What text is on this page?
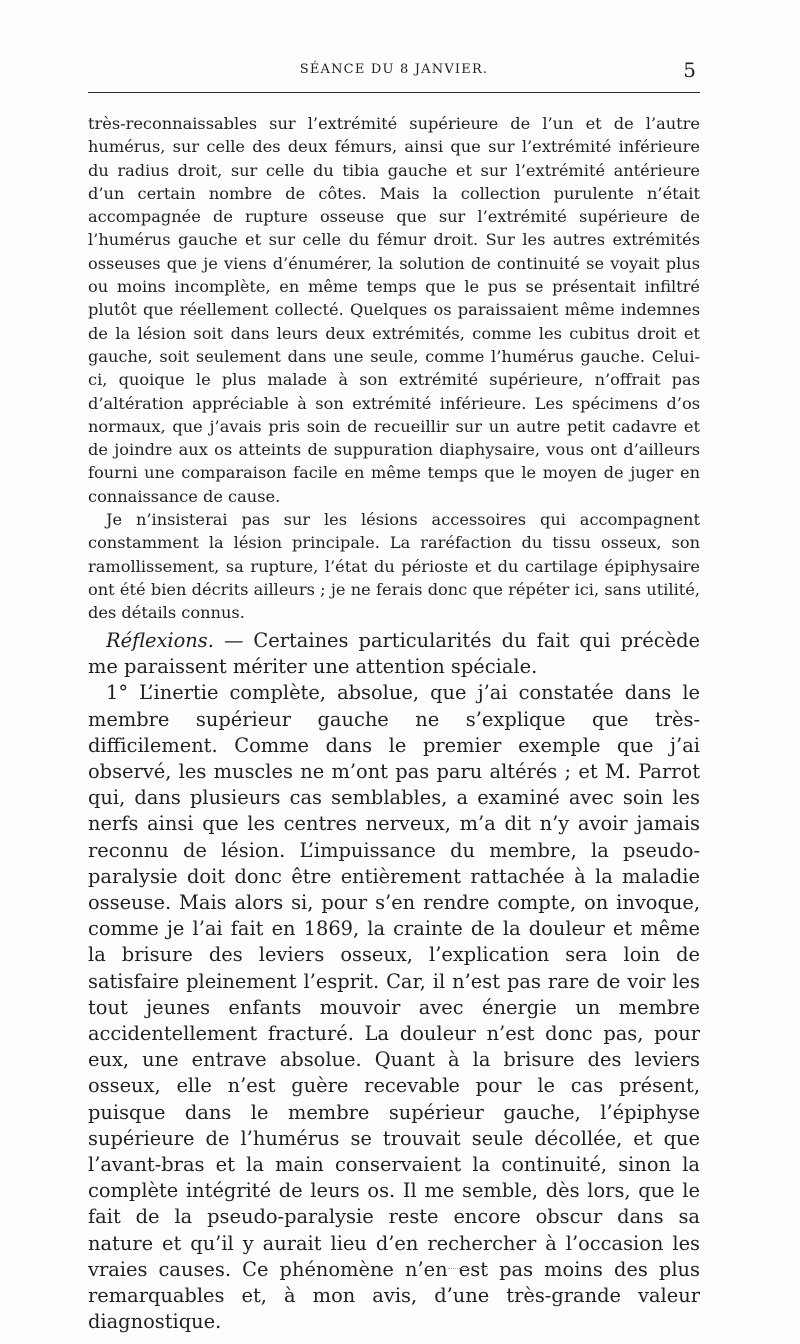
SÉANCE DU 8 JANVIER.	5

très-reconnaissables sur l’extrémité supérieure de l’un et de l’autre humérus, sur celle des deux fémurs, ainsi que sur l’extrémité inférieure du radius droit, sur celle du tibia gauche et sur l’extrémité antérieure d’un certain nombre de côtes. Mais la collection purulente n’était accompagnée de rupture osseuse que sur l’extrémité supérieure de l’humérus gauche et sur celle du fémur droit. Sur les autres extrémités osseuses que je viens d’énumérer, la solution de continuité se voyait plus ou moins incomplète, en même temps que le pus se présentait infiltré plutôt que réellement collecté. Quelques os paraissaient même indemnes de la lésion soit dans leurs deux extrémités, comme les cubitus droit et gauche, soit seulement dans une seule, comme l’humérus gauche. Celui-ci, quoique le plus malade à son extrémité supérieure, n’offrait pas d’altération appréciable à son extrémité inférieure. Les spécimens d’os normaux, que j’avais pris soin de recueillir sur un autre petit cadavre et de joindre aux os atteints de suppuration diaphysaire, vous ont d’ailleurs fourni une comparaison facile en même temps que le moyen de juger en connaissance de cause.

Je n’insisterai pas sur les lésions accessoires qui accompagnent constamment la lésion principale. La raréfaction du tissu osseux, son ramollissement, sa rupture, l’état du périoste et du cartilage épiphysaire ont été bien décrits ailleurs ; je ne ferais donc que répéter ici, sans utilité, des détails connus.

Réflexions. — Certaines particularités du fait qui précède me paraissent mériter une attention spéciale.

1° L’inertie complète, absolue, que j’ai constatée dans le membre supérieur gauche ne s’explique que très-difficilement. Comme dans le premier exemple que j’ai observé, les muscles ne m’ont pas paru altérés ; et M. Parrot qui, dans plusieurs cas semblables, a examiné avec soin les nerfs ainsi que les centres nerveux, m’a dit n’y avoir jamais reconnu de lésion. L’impuissance du membre, la pseudo-paralysie doit donc être entièrement rattachée à la maladie osseuse. Mais alors si, pour s’en rendre compte, on invoque, comme je l’ai fait en 1869, la crainte de la douleur et même la brisure des leviers osseux, l’explication sera loin de satisfaire pleinement l’esprit. Car, il n’est pas rare de voir les tout jeunes enfants mouvoir avec énergie un membre accidentellement fracturé. La douleur n’est donc pas, pour eux, une entrave absolue. Quant à la brisure des leviers osseux, elle n’est guère recevable pour le cas présent, puisque dans le membre supérieur gauche, l’épiphyse supérieure de l’humérus se trouvait seule décollée, et que l’avant-bras et la main conservaient la continuité, sinon la complète intégrité de leurs os. Il me semble, dès lors, que le fait de la pseudo-paralysie reste encore obscur dans sa nature et qu’il y aurait lieu d’en rechercher à l’occasion les vraies causes. Ce phénomène n’en est pas moins des plus remarquables et, à mon avis, d’une très-grande valeur diagnostique.
